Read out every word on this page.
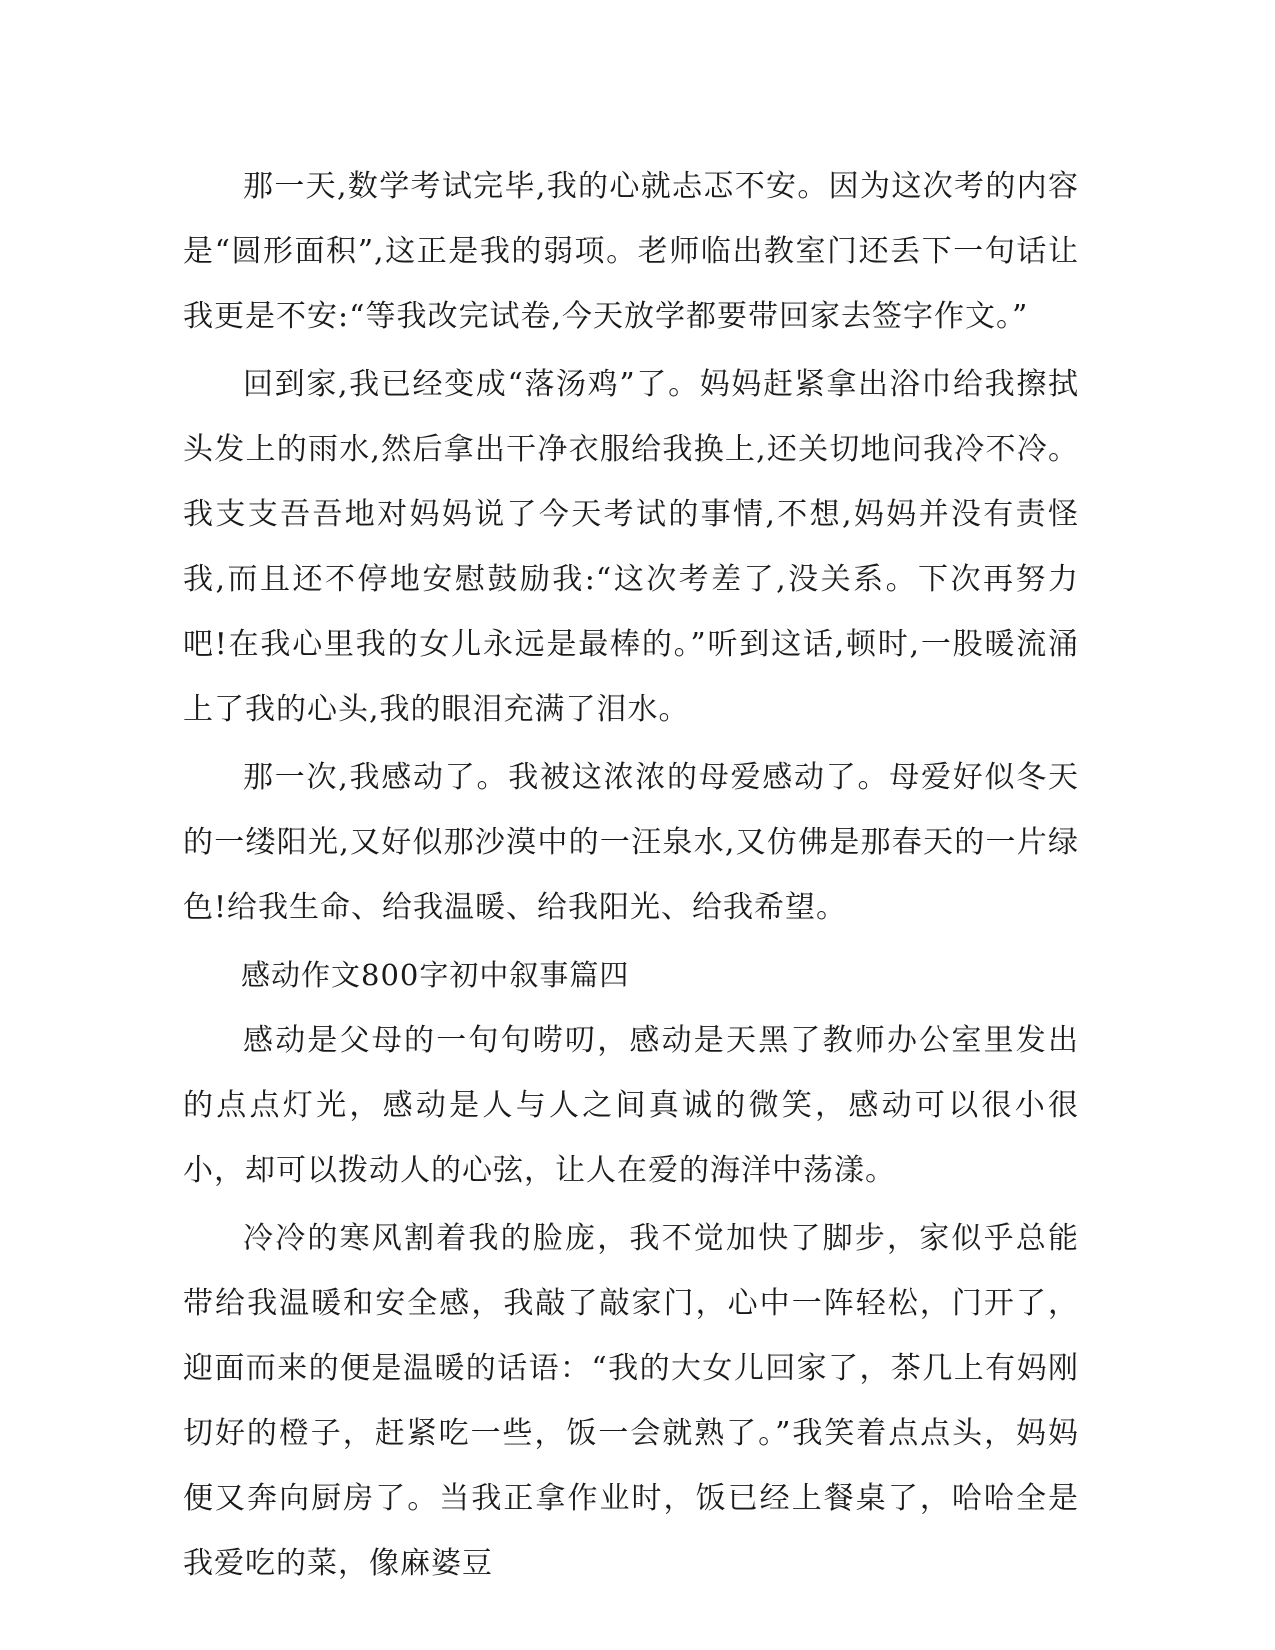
那一天,数学考试完毕,我的心就忐忑不安。因为这次考的内容是“圆形面积”,这正是我的弱项。老师临出教室门还丢下一句话让我更是不安:“等我改完试卷,今天放学都要带回家去签字作文。”

回到家,我已经变成“落汤鸡”了。妈妈赶紧拿出浴巾给我擦拭头发上的雨水,然后拿出干净衣服给我换上,还关切地问我冷不冷。我支支吾吾地对妈妈说了今天考试的事情,不想,妈妈并没有责怪我,而且还不停地安慰鼓励我:“这次考差了,没关系。下次再努力吧!在我心里我的女儿永远是最棒的。”听到这话,顿时,一股暖流涌上了我的心头,我的眼泪充满了泪水。

那一次,我感动了。我被这浓浓的母爱感动了。母爱好似冬天的一缕阳光,又好似那沙漠中的一汪泉水,又仿佛是那春天的一片绿色!给我生命、给我温暖、给我阳光、给我希望。

感动作文800字初中叙事篇四

感动是父母的一句句唠叨，感动是天黑了教师办公室里发出的点点灯光，感动是人与人之间真诚的微笑，感动可以很小很小，却可以拨动人的心弦，让人在爱的海洋中荡漾。

冷冷的寒风割着我的脸庞，我不觉加快了脚步，家似乎总能带给我温暖和安全感，我敲了敲家门，心中一阵轻松，门开了，迎面而来的便是温暖的话语：“我的大女儿回家了，茶几上有妈刚切好的橙子，赶紧吃一些，饭一会就熟了。”我笑着点点头，妈妈便又奔向厨房了。当我正拿作业时，饭已经上餐桌了，哈哈全是我爱吃的菜，像麻婆豆
